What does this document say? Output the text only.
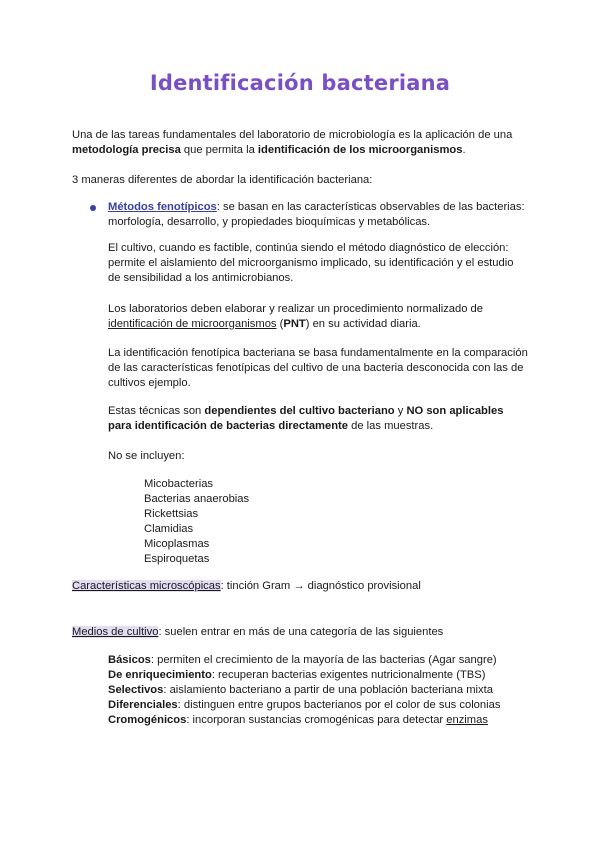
Identificación bacteriana

Una de las tareas fundamentales del laboratorio de microbiología es la aplicación de una
metodología precisa que permita la identificación de los microorganismos.

3 maneras diferentes de abordar la identificación bacteriana:

Métodos fenotípicos: se basan en las características observables de las bacterias: morfología, desarrollo, y propiedades bioquímicas y metabólicas.

El cultivo, cuando es factible, continúa siendo el método diagnóstico de elección: permite el aislamiento del microorganismo implicado, su identificación y el estudio de sensibilidad a los antimicrobianos.

Los laboratorios deben elaborar y realizar un procedimiento normalizado de identificación de microorganismos (PNT) en su actividad diaria.

La identificación fenotípica bacteriana se basa fundamentalmente en la comparación de las características fenotípicas del cultivo de una bacteria desconocida con las de cultivos ejemplo.

Estas técnicas son dependientes del cultivo bacteriano y NO son aplicables para identificación de bacterias directamente de las muestras.

No se incluyen:

Micobacterias
Bacterias anaerobias
Rickettsias
Clamidias
Micoplasmas
Espiroquetas

Características microscópicas: tinción Gram → diagnóstico provisional

Medios de cultivo: suelen entrar en más de una categoría de las siguientes

Básicos: permiten el crecimiento de la mayoría de las bacterias (Agar sangre)
De enriquecimiento: recuperan bacterias exigentes nutricionalmente (TBS)
Selectivos: aislamiento bacteriano a partir de una población bacteriana mixta
Diferenciales: distinguen entre grupos bacterianos por el color de sus colonias
Cromogénicos: incorporan sustancias cromogénicas para detectar enzimas
